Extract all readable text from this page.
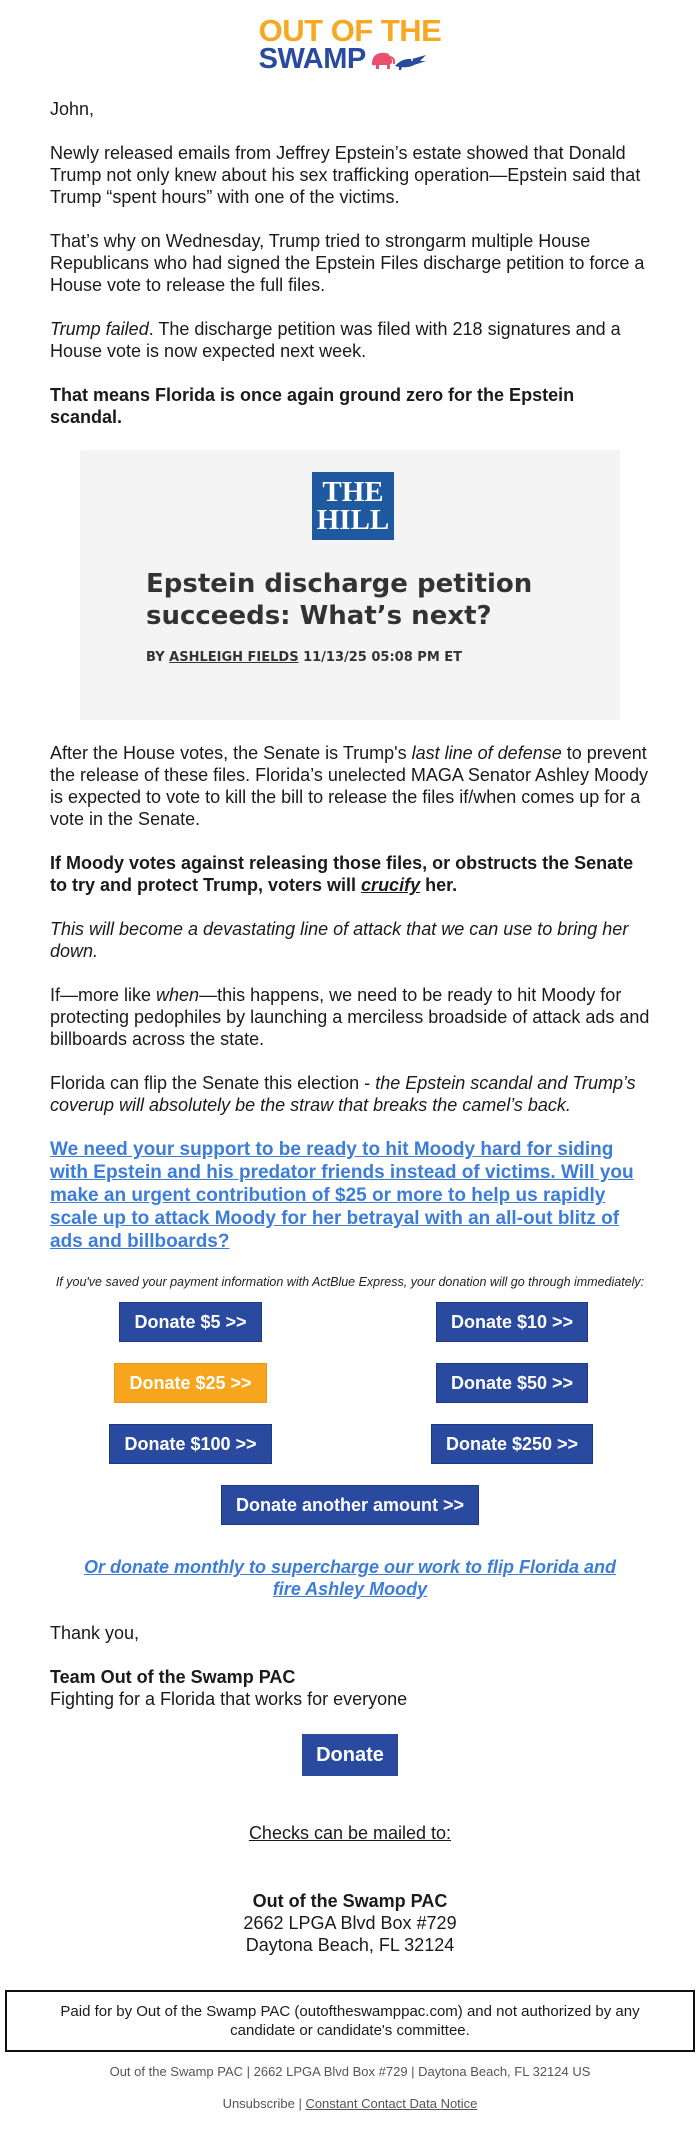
OUT OF THE
SWAMP

John,

Newly released emails from Jeffrey Epstein’s estate showed that Donald Trump not only knew about his sex trafficking operation—Epstein said that Trump “spent hours” with one of the victims.

That’s why on Wednesday, Trump tried to strongarm multiple House Republicans who had signed the Epstein Files discharge petition to force a House vote to release the full files.

Trump failed. The discharge petition was filed with 218 signatures and a House vote is now expected next week.

That means Florida is once again ground zero for the Epstein scandal.

THE
HILL
Epstein discharge petition succeeds: What’s next?
BY ASHLEIGH FIELDS 11/13/25 05:08 PM ET

After the House votes, the Senate is Trump's last line of defense to prevent the release of these files. Florida’s unelected MAGA Senator Ashley Moody is expected to vote to kill the bill to release the files if/when comes up for a vote in the Senate.

If Moody votes against releasing those files, or obstructs the Senate to try and protect Trump, voters will crucify her.

This will become a devastating line of attack that we can use to bring her down.

If—more like when—this happens, we need to be ready to hit Moody for protecting pedophiles by launching a merciless broadside of attack ads and billboards across the state.

Florida can flip the Senate this election - the Epstein scandal and Trump’s coverup will absolutely be the straw that breaks the camel’s back.

We need your support to be ready to hit Moody hard for siding with Epstein and his predator friends instead of victims. Will you make an urgent contribution of $25 or more to help us rapidly scale up to attack Moody for her betrayal with an all-out blitz of ads and billboards?
If you've saved your payment information with ActBlue Express, your donation will go through immediately:
Donate $5 >>	Donate $10 >>
Donate $25 >>	Donate $50 >>
Donate $100 >>	Donate $250 >>
Donate another amount >>
Or donate monthly to supercharge our work to flip Florida and fire Ashley Moody
Thank you,
Team Out of the Swamp PAC
Fighting for a Florida that works for everyone
Donate
Checks can be mailed to:
Out of the Swamp PAC
2662 LPGA Blvd Box #729
Daytona Beach, FL 32124
Paid for by Out of the Swamp PAC (outoftheswamppac.com) and not authorized by any candidate or candidate's committee.
Out of the Swamp PAC | 2662 LPGA Blvd Box #729 | Daytona Beach, FL 32124 US
Unsubscribe | Constant Contact Data Notice
